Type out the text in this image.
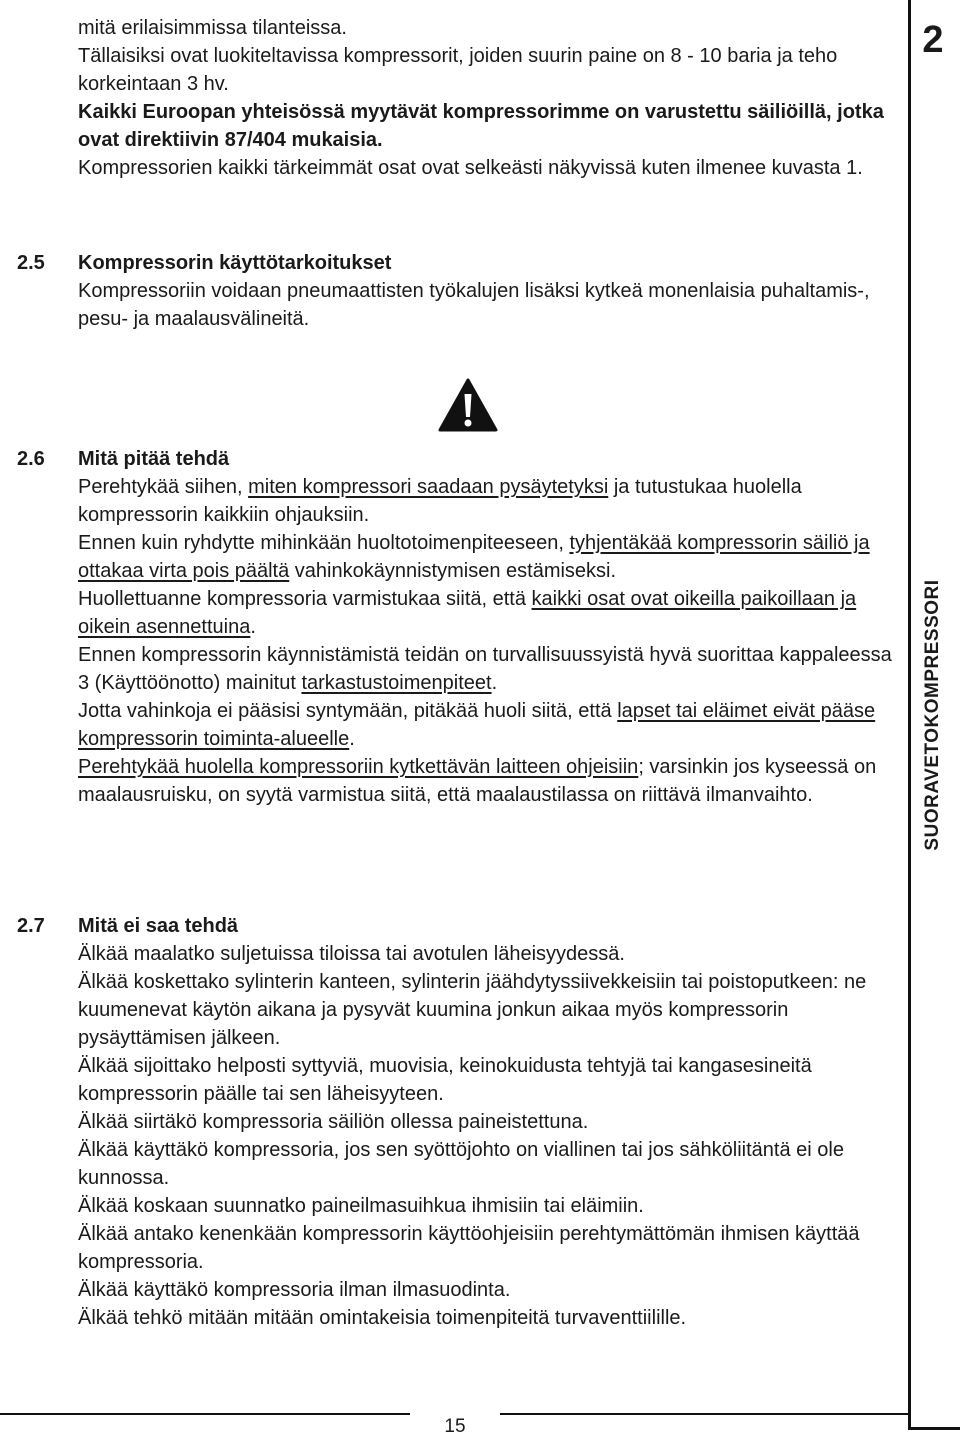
mitä erilaisimmissa tilanteissa.

Tällaisiksi ovat luokiteltavissa kompressorit, joiden suurin paine on 8 - 10 baria ja teho korkeintaan 3 hv.

Kaikki Euroopan yhteisössä myytävät kompressorimme on varustettu säiliöillä, jotka ovat direktiivin 87/404 mukaisia.

Kompressorien kaikki tärkeimmät osat ovat selkeästi näkyvissä kuten ilmenee kuvasta 1.

2.5 Kompressorin käyttötarkoitukset

Kompressoriin voidaan pneumaattisten työkalujen lisäksi kytkeä monenlaisia puhaltamis-, pesu- ja maalausvälineitä.

2.6 Mitä pitää tehdä

Perehtykää siihen, miten kompressori saadaan pysäytetyksi ja tutustukaa huolella kompressorin kaikkiin ohjauksiin.

Ennen kuin ryhdytte mihinkään huoltotoimenpiteeseen, tyhjentäkää kompressorin säiliö ja ottakaa virta pois päältä vahinkokäynnistymisen estämiseksi.

Huollettuanne kompressoria varmistukaa siitä, että kaikki osat ovat oikeilla paikoillaan ja oikein asennettuina.

Ennen kompressorin käynnistämistä teidän on turvallisuussyistä hyvä suorittaa kappaleessa 3 (Käyttöönotto) mainitut tarkastustoimenpiteet.

Jotta vahinkoja ei pääsisi syntymään, pitäkää huoli siitä, että lapset tai eläimet eivät pääse kompressorin toiminta-alueelle.

Perehtykää huolella kompressoriin kytkettävän laitteen ohjeisiin; varsinkin jos kyseessä on maalausruisku, on syytä varmistua siitä, että maalaustilassa on riittävä ilmanvaihto.

2.7 Mitä ei saa tehdä

Älkää maalatko suljetuissa tiloissa tai avotulen läheisyydessä.

Älkää koskettako sylinterin kanteen, sylinterin jäähdytyssiivekkeisiin tai poistoputkeen: ne kuumenevat käytön aikana ja pysyvät kuumina jonkun aikaa myös kompressorin pysäyttämisen jälkeen.

Älkää sijoittako helposti syttyviä, muovisia, keinokuidusta tehtyjä tai kangasesineitä kompressorin päälle tai sen läheisyyteen.

Älkää siirtäkö kompressoria säiliön ollessa paineistettuna.

Älkää käyttäkö kompressoria, jos sen syöttöjohto on viallinen tai jos sähköliitäntä ei ole kunnossa.

Älkää koskaan suunnatko paineilmasuihkua ihmisiin tai eläimiin.

Älkää antako kenenkään kompressorin käyttöohjeisiin perehtymättömän ihmisen käyttää kompressoria.

Älkää käyttäkö kompressoria ilman ilmasuodinta.

Älkää tehkö mitään mitään omintakeisia toimenpiteitä turvaventtiilille.

2
SUORAVETOKOMPRESSORI
15
